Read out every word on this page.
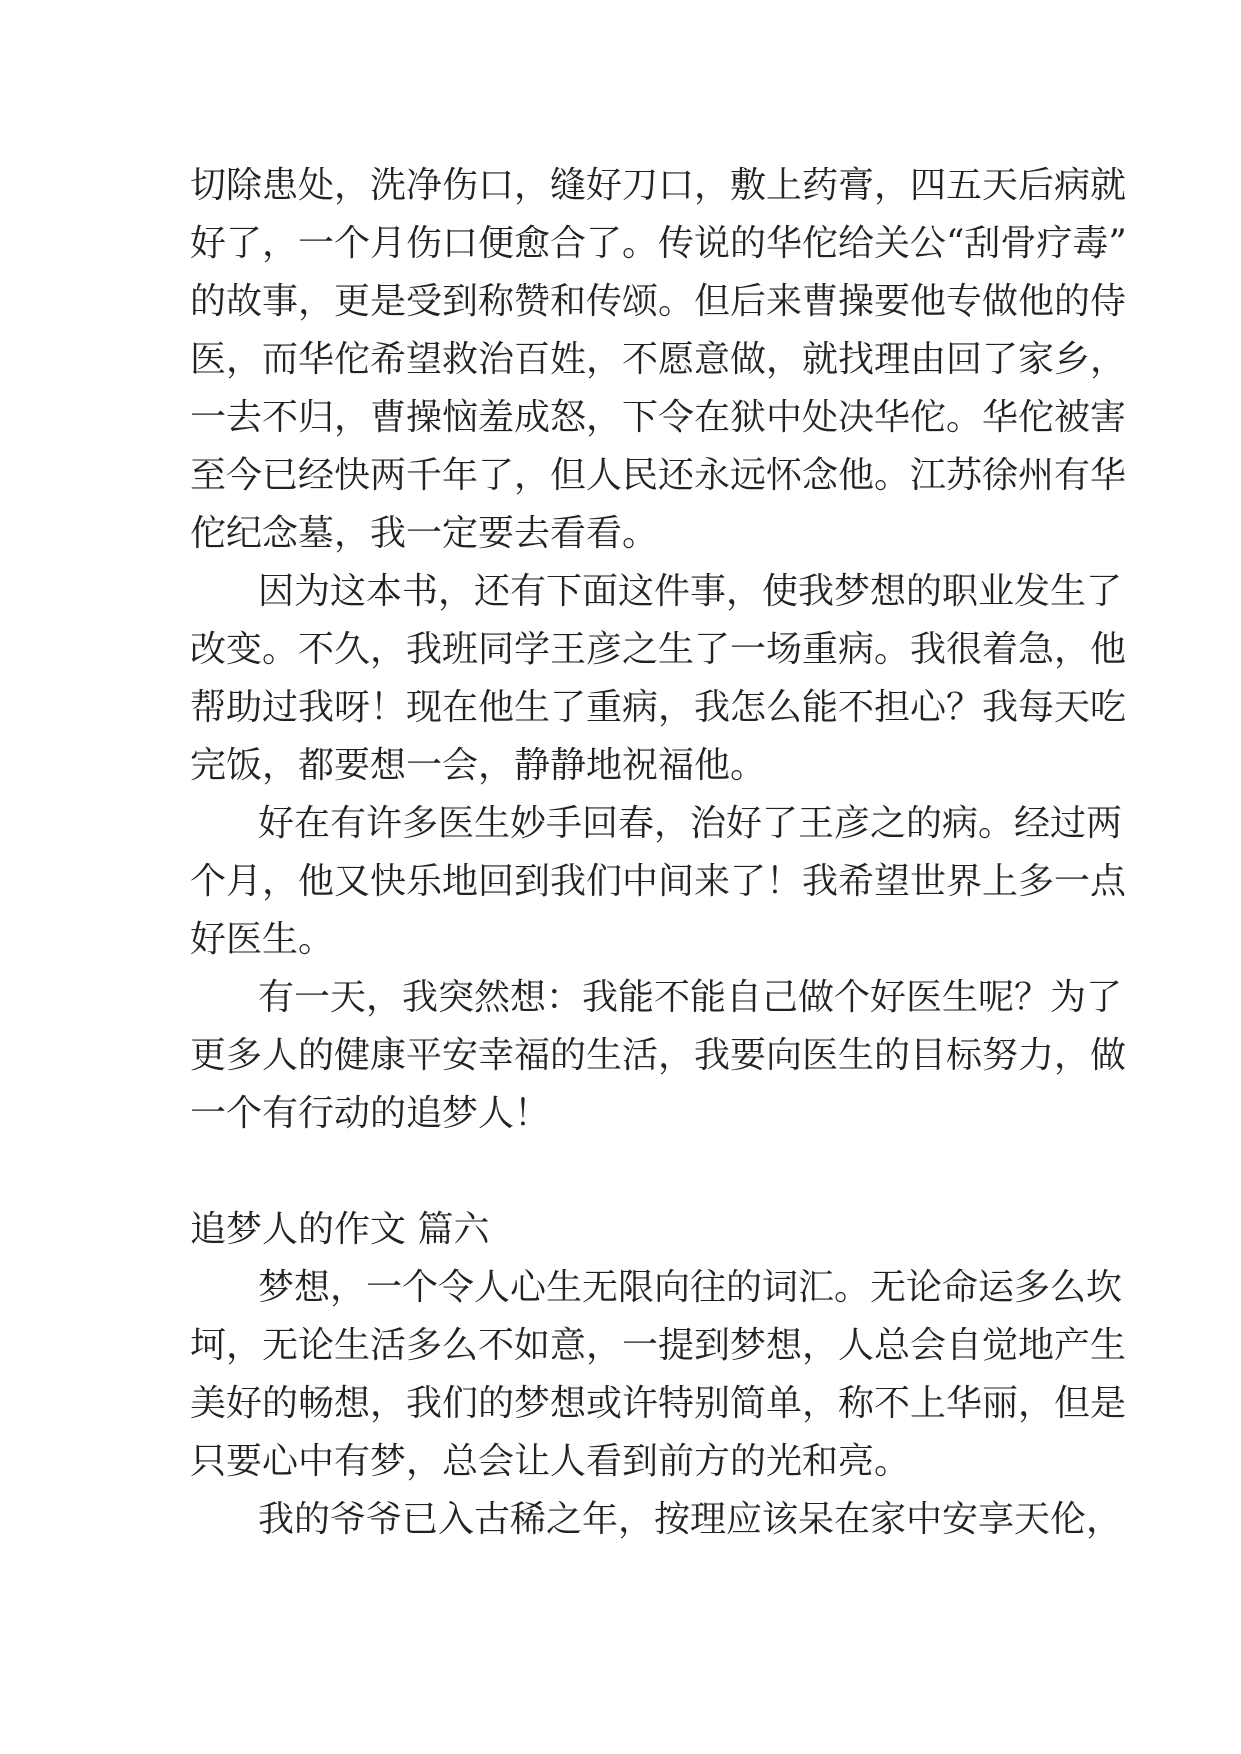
切除患处，洗净伤口，缝好刀口，敷上药膏，四五天后病就
好了，一个月伤口便愈合了。传说的华佗给关公“刮骨疗毒”
的故事，更是受到称赞和传颂。但后来曹操要他专做他的侍
医，而华佗希望救治百姓，不愿意做，就找理由回了家乡，
一去不归，曹操恼羞成怒，下令在狱中处决华佗。华佗被害
至今已经快两千年了，但人民还永远怀念他。江苏徐州有华
佗纪念墓，我一定要去看看。
因为这本书，还有下面这件事，使我梦想的职业发生了
改变。不久，我班同学王彦之生了一场重病。我很着急，他
帮助过我呀！现在他生了重病，我怎么能不担心？我每天吃
完饭，都要想一会，静静地祝福他。
好在有许多医生妙手回春，治好了王彦之的病。经过两
个月，他又快乐地回到我们中间来了！我希望世界上多一点
好医生。
有一天，我突然想：我能不能自己做个好医生呢？为了
更多人的健康平安幸福的生活，我要向医生的目标努力，做
一个有行动的追梦人！
追梦人的作文 篇六
梦想，一个令人心生无限向往的词汇。无论命运多么坎
坷，无论生活多么不如意，一提到梦想，人总会自觉地产生
美好的畅想，我们的梦想或许特别简单，称不上华丽，但是
只要心中有梦，总会让人看到前方的光和亮。
我的爷爷已入古稀之年，按理应该呆在家中安享天伦，
